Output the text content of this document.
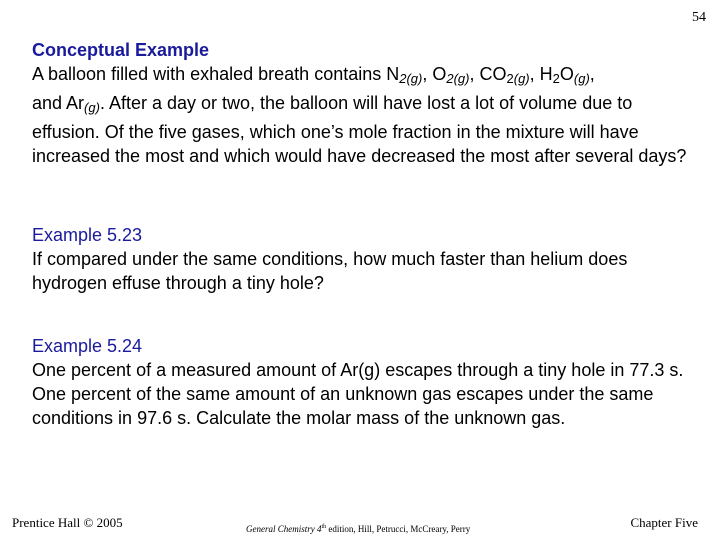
54
Conceptual Example
A balloon filled with exhaled breath contains N2(g), O2(g), CO2(g), H2O(g),
and Ar(g). After a day or two, the balloon will have lost a lot of volume due to effusion. Of the five gases, which one’s mole fraction in the mixture will have increased the most and which would have decreased the most after several days?
Example 5.23
If compared under the same conditions, how much faster than helium does hydrogen effuse through a tiny hole?
Example 5.24
One percent of a measured amount of Ar(g) escapes through a tiny hole in 77.3 s. One percent of the same amount of an unknown gas escapes under the same conditions in 97.6 s. Calculate the molar mass of the unknown gas.
Prentice Hall © 2005	General Chemistry 4th edition, Hill, Petrucci, McCreary, Perry	Chapter Five
